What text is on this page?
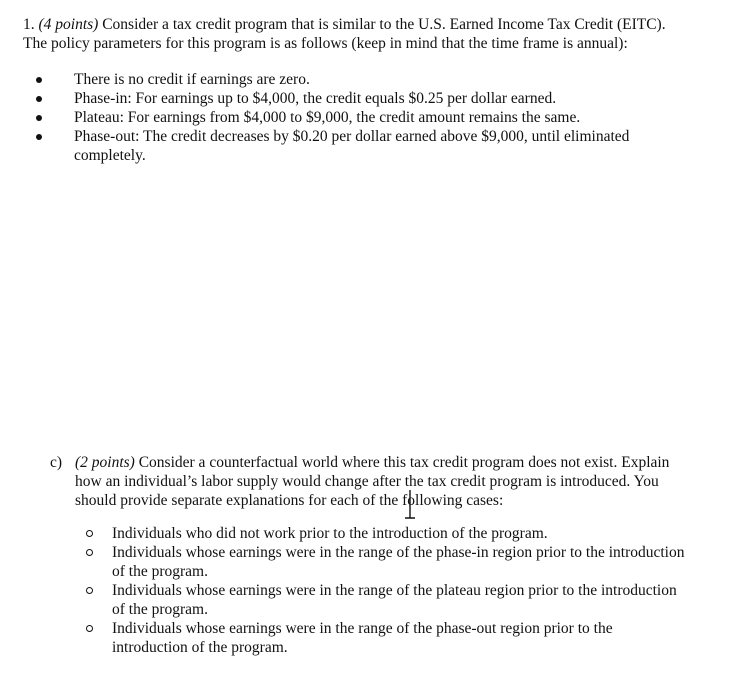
1. (4 points) Consider a tax credit program that is similar to the U.S. Earned Income Tax Credit (EITC).

The policy parameters for this program is as follows (keep in mind that the time frame is annual):

There is no credit if earnings are zero.
Phase-in: For earnings up to $4,000, the credit equals $0.25 per dollar earned.
Plateau: For earnings from $4,000 to $9,000, the credit amount remains the same.
Phase-out: The credit decreases by $0.20 per dollar earned above $9,000, until eliminated completely.
c) (2 points) Consider a counterfactual world where this tax credit program does not exist. Explain how an individual’s labor supply would change after the tax credit program is introduced. You should provide separate explanations for each of the following cases:

Individuals who did not work prior to the introduction of the program.
Individuals whose earnings were in the range of the phase-in region prior to the introduction of the program.
Individuals whose earnings were in the range of the plateau region prior to the introduction of the program.
Individuals whose earnings were in the range of the phase-out region prior to the introduction of the program.
